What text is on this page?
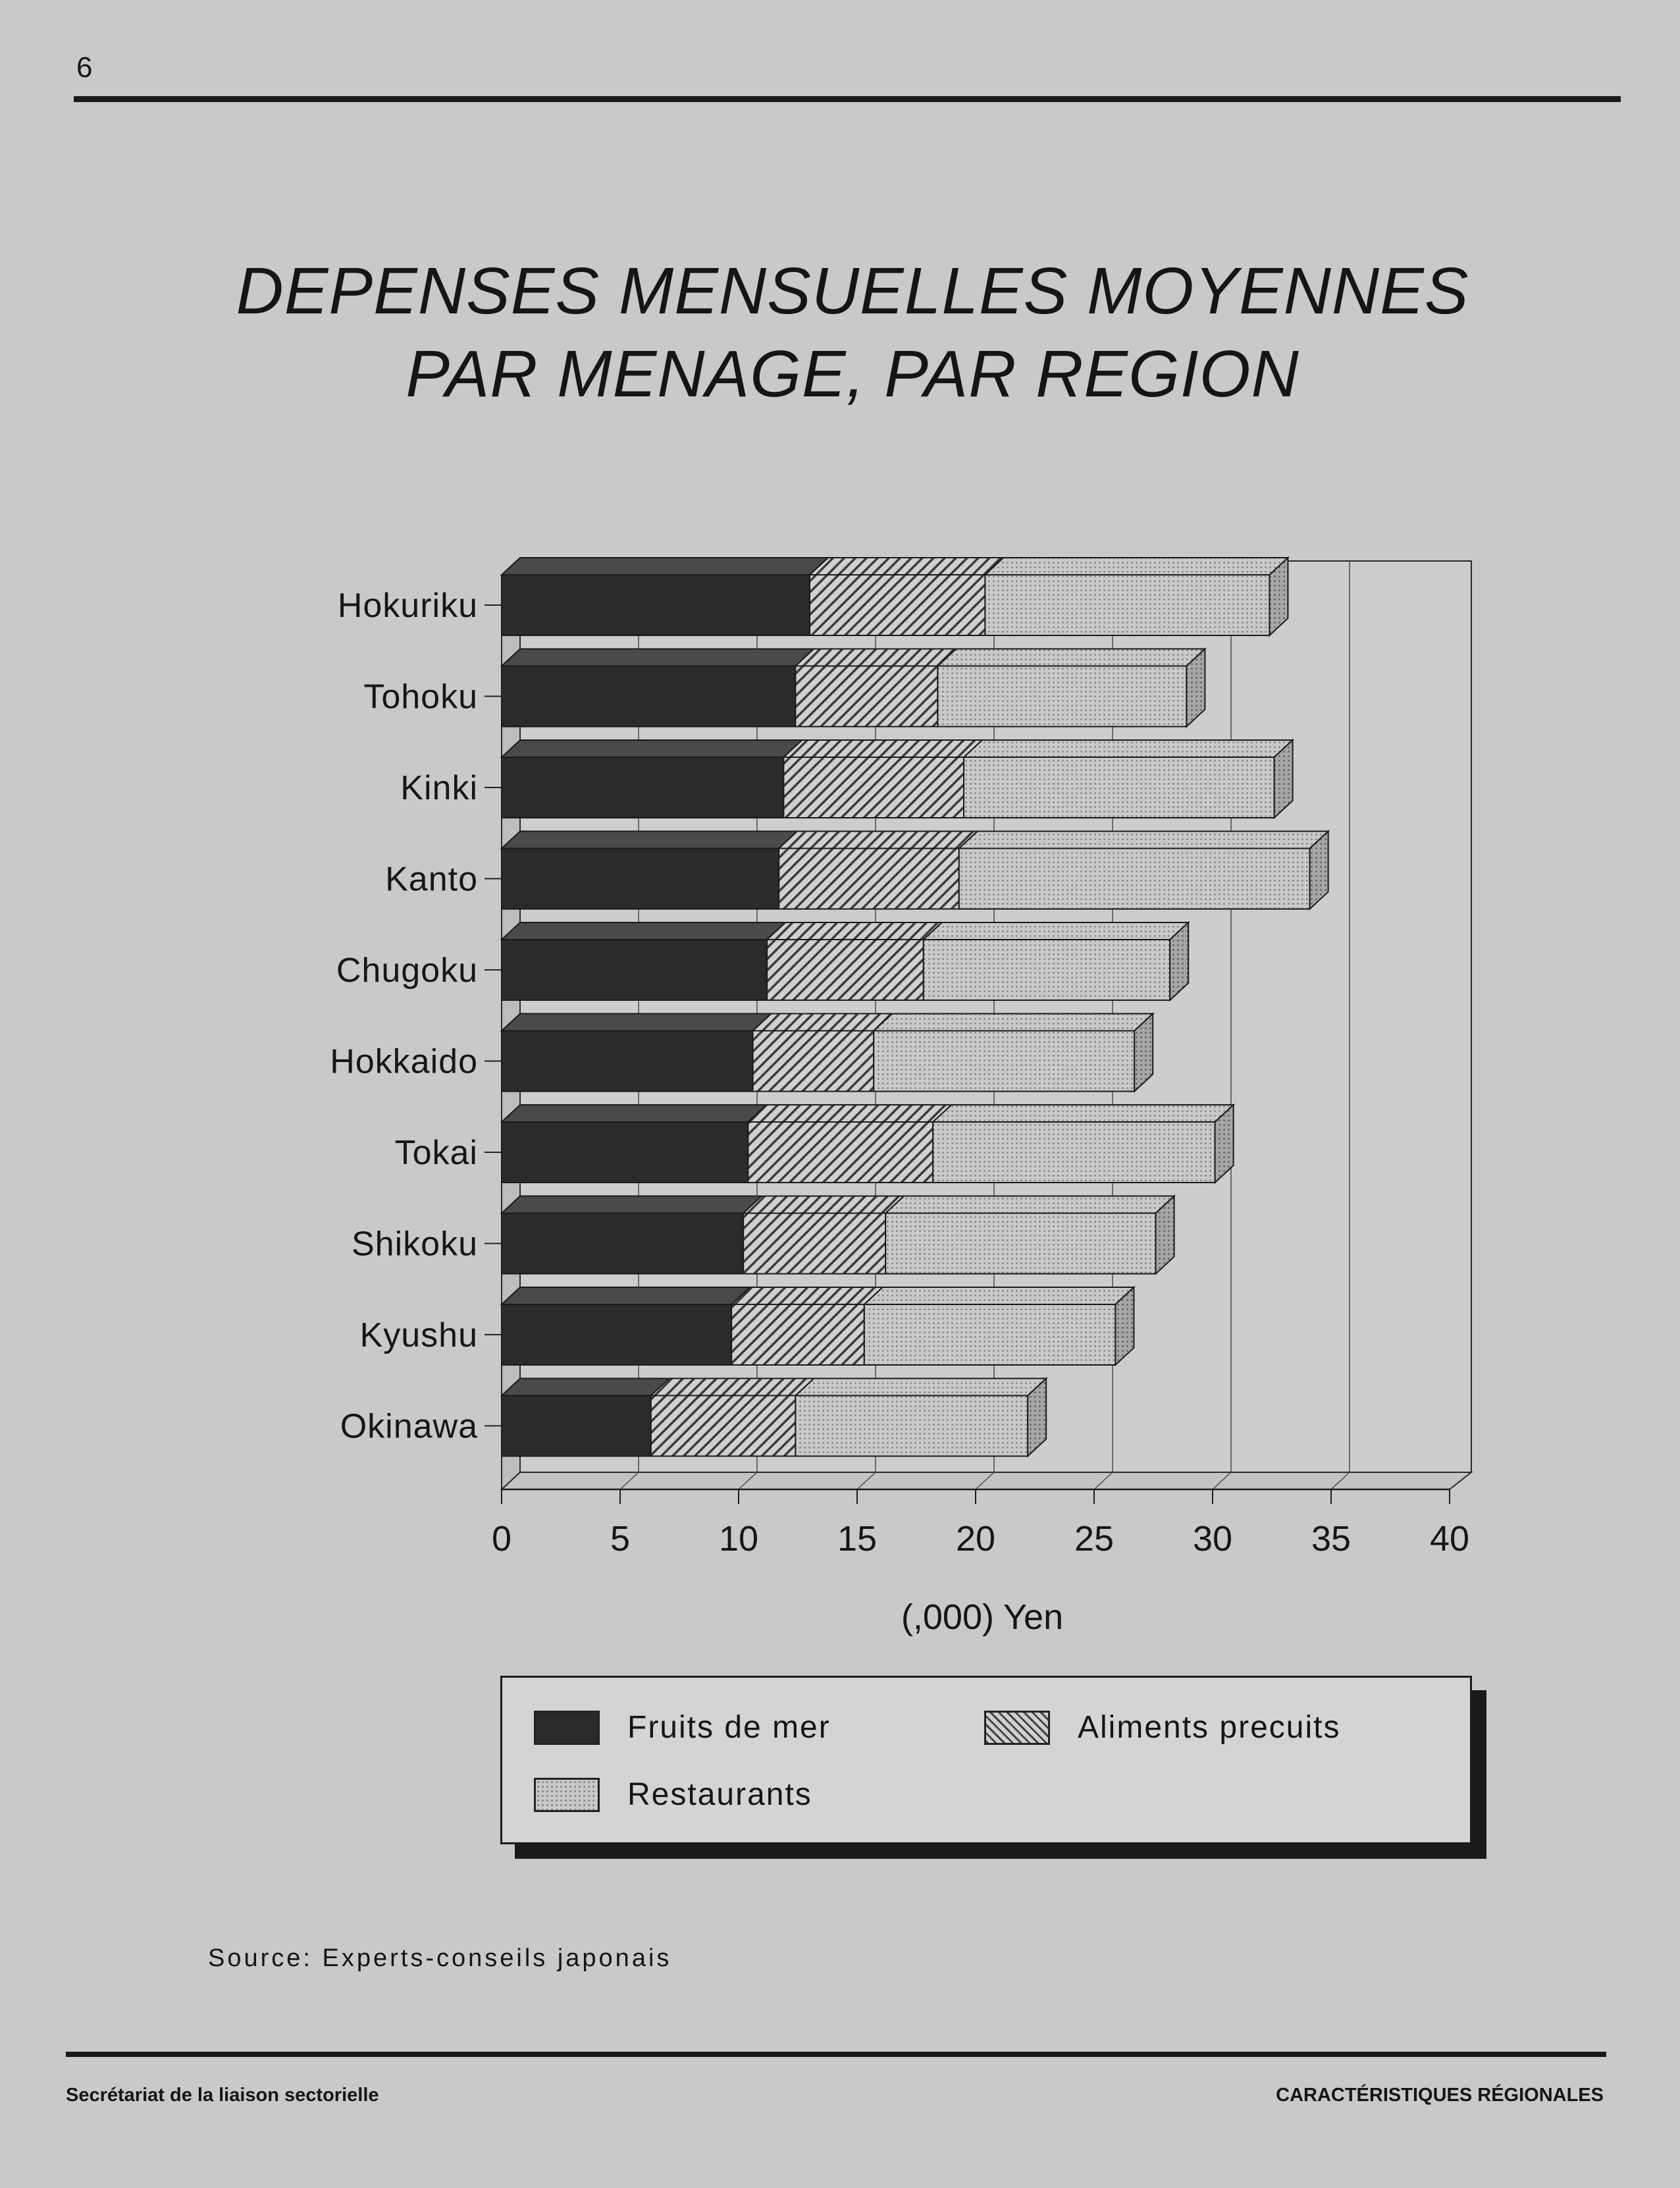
6
DEPENSES MENSUELLES MOYENNES
PAR MENAGE, PAR REGION
Hokuriku
Tohoku
Kinki
Kanto
Chugoku
Hokkaido
Tokai
Shikoku
Kyushu
Okinawa
0	5 10 15 20 25 30 35 40
(,000) Yen
Fruits de mer	Aliments precuits
Restaurants
Source: Experts-conseils japonais
Secrétariat de la liaison sectorielle	CARACTÉRISTIQUES RÉGIONALES
